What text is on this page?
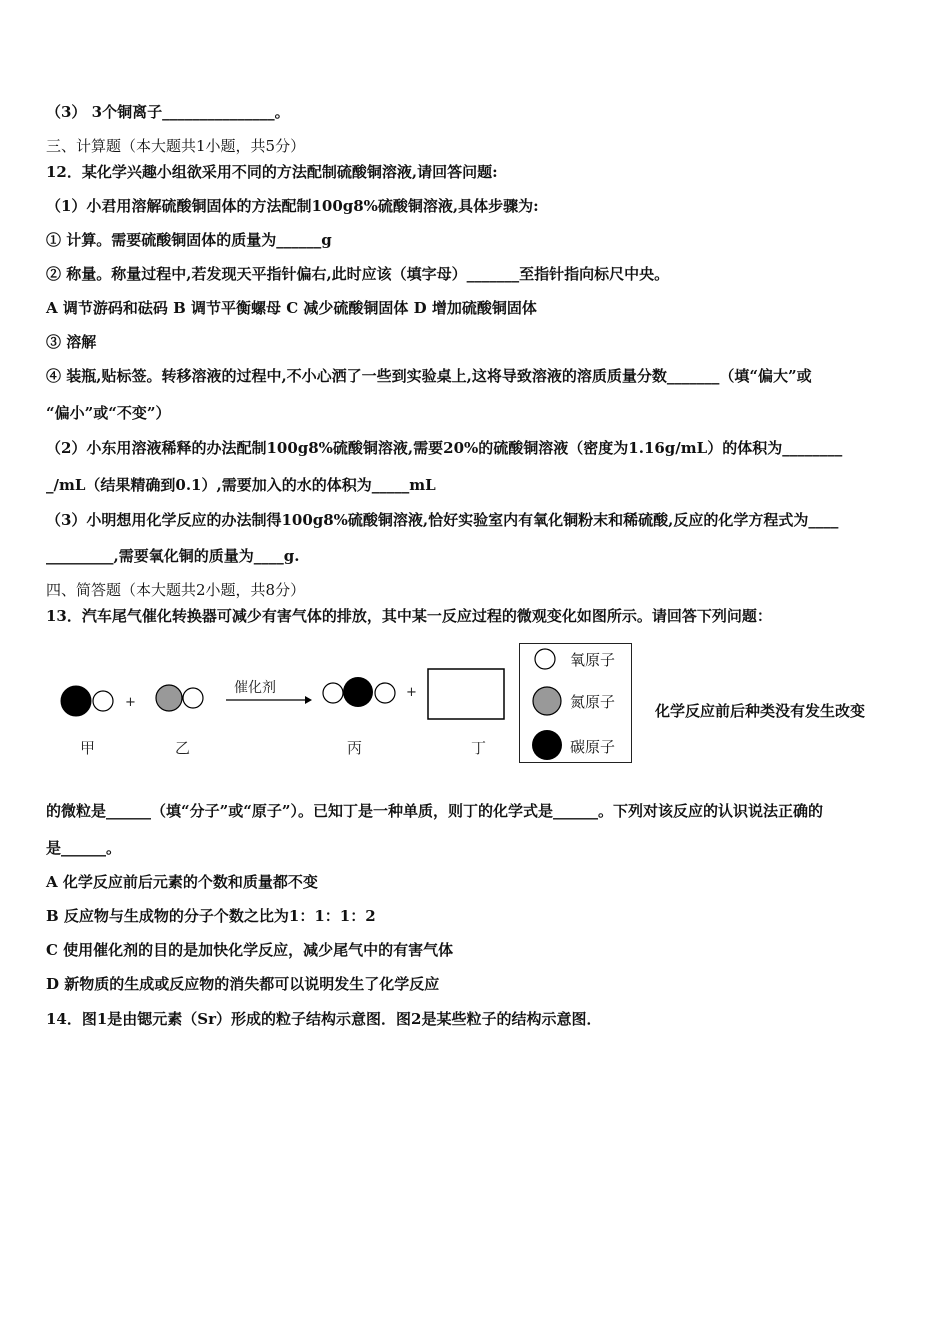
（3） 3个铜离子_______________。
三、计算题（本大题共1小题，共5分）
12．某化学兴趣小组欲采用不同的方法配制硫酸铜溶液,请回答问题:
（1）小君用溶解硫酸铜固体的方法配制100g8%硫酸铜溶液,具体步骤为:
① 计算。需要硫酸铜固体的质量为______g
② 称量。称量过程中,若发现天平指针偏右,此时应该（填字母）_______至指针指向标尺中央。
A 调节游码和砝码 B 调节平衡螺母 C 减少硫酸铜固体 D 增加硫酸铜固体
③ 溶解
④ 装瓶,贴标签。转移溶液的过程中,不小心洒了一些到实验桌上,这将导致溶液的溶质质量分数_______（填“偏大”或
“偏小”或“不变”）
（2）小东用溶液稀释的办法配制100g8%硫酸铜溶液,需要20%的硫酸铜溶液（密度为1.16g/mL）的体积为________
_/mL（结果精确到0.1）,需要加入的水的体积为_____mL
（3）小明想用化学反应的办法制得100g8%硫酸铜溶液,恰好实验室内有氧化铜粉末和稀硫酸,反应的化学方程式为____
_________,需要氧化铜的质量为____g.
四、简答题（本大题共2小题，共8分）
13．汽车尾气催化转换器可减少有害气体的排放，其中某一反应过程的微观变化如图所示。请回答下列问题：
+
+
催化剂
甲	乙	丙	丁
氧原子
氮原子
碳原子
化学反应前后种类没有发生改变
的微粒是______（填“分子”或“原子”）。已知丁是一种单质，则丁的化学式是______。下列对该反应的认识说法正确的
是______。
A 化学反应前后元素的个数和质量都不变
B 反应物与生成物的分子个数之比为1：1：1：2
C 使用催化剂的目的是加快化学反应，减少尾气中的有害气体
D 新物质的生成或反应物的消失都可以说明发生了化学反应
14．图1是由锶元素（Sr）形成的粒子结构示意图．图2是某些粒子的结构示意图．
